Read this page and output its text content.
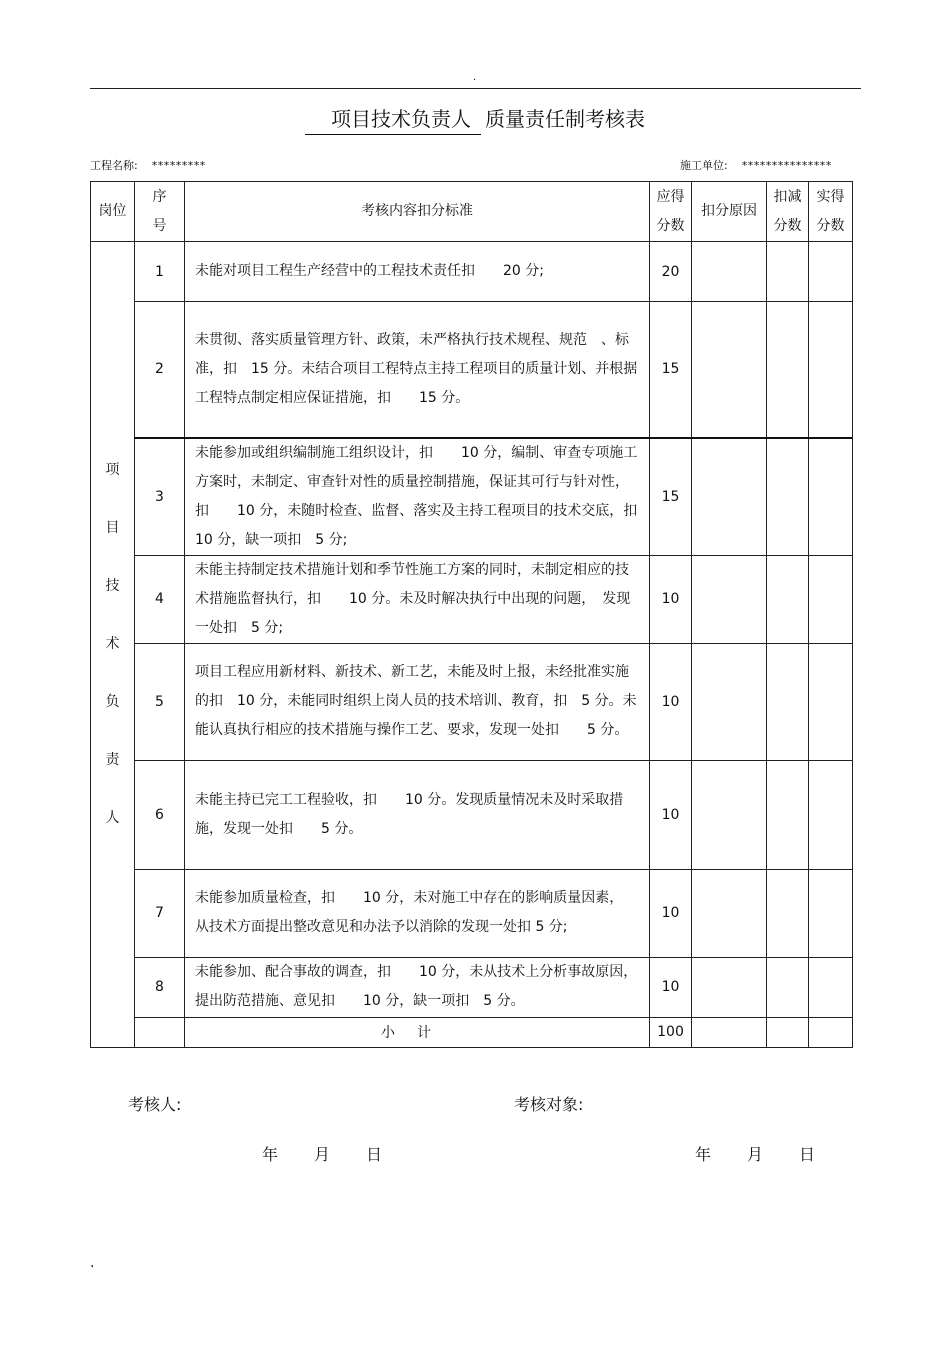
.
项目技术负责人 质量责任制考核表
工程名称: *********	施工单位: ***************
岗位	序号	考核内容扣分标准	应得分数	扣分原因	扣减分数	实得分数

项目技术负责人	1	未能对项目工程生产经营中的工程技术责任扣　　20 分;	20			
	2	未贯彻、落实质量管理方针、政策，未严格执行技术规程、规范　、标准，扣　15 分。未结合项目工程特点主持工程项目的质量计划、并根据工程特点制定相应保证措施，扣　　15 分。	15			
	3	未能参加或组织编制施工组织设计，扣　　10 分，编制、审查专项施工方案时，未制定、审查针对性的质量控制措施，保证其可行与针对性，扣　　10 分，未随时检查、监督、落实及主持工程项目的技术交底，扣　　10 分，缺一项扣　5 分;	15			
	4	未能主持制定技术措施计划和季节性施工方案的同时，未制定相应的技术措施监督执行，扣　　10 分。未及时解决执行中出现的问题，　发现一处扣　5 分;	10			
	5	项目工程应用新材料、新技术、新工艺，未能及时上报，未经批准实施的扣　10 分，未能同时组织上岗人员的技术培训、教育，扣　5 分。未能认真执行相应的技术措施与操作工艺、要求，发现一处扣　　5 分。	10			
	6	未能主持已完工工程验收，扣　　10 分。发现质量情况未及时采取措施，发现一处扣　　5 分。	10			
	7	未能参加质量检查，扣　　10 分，未对施工中存在的影响质量因素，　从技术方面提出整改意见和办法予以消除的发现一处扣 5 分;	10			
	8	未能参加、配合事故的调查，扣　　10 分，未从技术上分析事故原因，提出防范措施、意见扣　　10 分，缺一项扣　5 分。	10			
		小计	100			
考核人:	考核对象:
年 月 日	年 月 日
.
